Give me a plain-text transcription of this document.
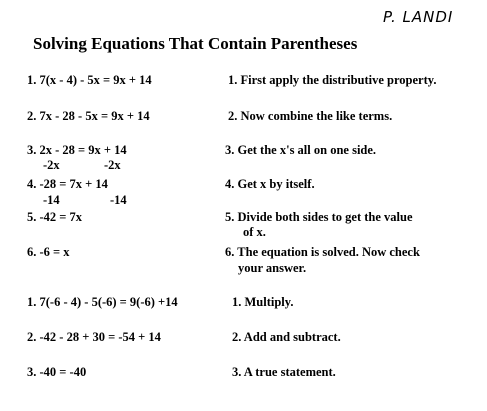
P. LANDI
Solving Equations That Contain Parentheses
1. 7(x - 4) - 5x = 9x + 14	1. First apply the distributive property.
2. 7x - 28 - 5x = 9x + 14	2. Now combine the like terms.
3. 2x - 28 = 9x + 14	3. Get the x's all on one side.
-2x	-2x
4. -28 = 7x + 14	4. Get x by itself.
-14	-14
5. -42 = 7x	5. Divide both sides to get the value
of x.
6. -6 = x	6. The equation is solved. Now check
your answer.
1. 7(-6 - 4) - 5(-6) = 9(-6) +14	1. Multiply.
2. -42 - 28 + 30 = -54 + 14	2. Add and subtract.
3. -40 = -40	3. A true statement.
